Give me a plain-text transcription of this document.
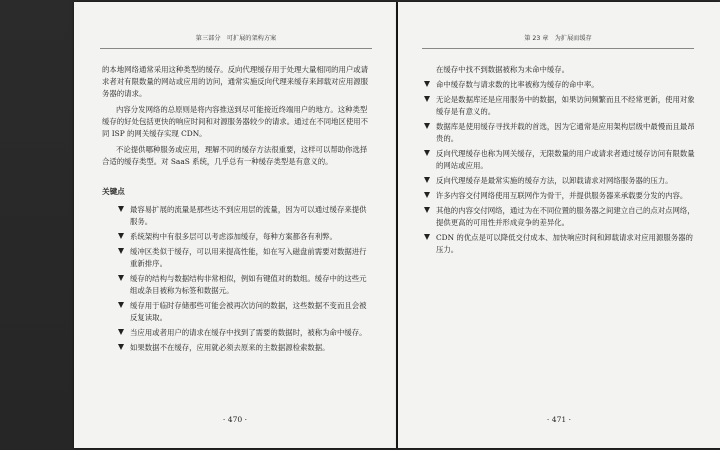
第三部分　可扩展的架构方案

的本地网络通常采用这种类型的缓存。反向代理缓存用于处理大量相同的用户或请求者对有限数量的网站或应用的访问，通常实施反向代理来缓存来卸载对应用源服务器的请求。

内容分发网络的总原则是将内容推送到尽可能接近终端用户的地方。这种类型缓存的好处包括更快的响应时间和对源服务器较少的请求。通过在不同地区使用不同 ISP 的网关缓存实现 CDN。

不论提供哪种服务或应用，理解不同的缓存方法很重要，这样可以帮助你选择合适的缓存类型。对 SaaS 系统，几乎总有一种缓存类型是有意义的。

关键点
最容易扩展的流量是那些达不到应用层的流量，因为可以通过缓存来提供服务。
系统架构中有很多层可以考虑添加缓存，每种方案都各有利弊。
缓冲区类似于缓存，可以用来提高性能，如在写入磁盘前需要对数据进行重新排序。
缓存的结构与数据结构非常相似，例如有键值对的数组。缓存中的这些元组或条目被称为标签和数据元。
缓存用于临时存储那些可能会被再次访问的数据，这些数据不变而且会被反复读取。
当应用或者用户的请求在缓存中找到了需要的数据时，被称为命中缓存。
如果数据不在缓存，应用就必须去原来的主数据源检索数据。
· 470 ·
第 23 章　为扩展而缓存

在缓存中找不到数据被称为未命中缓存。

命中缓存数与请求数的比率被称为缓存的命中率。
无论是数据库还是应用服务中的数据，如果访问频繁而且不经常更新，使用对象缓存是有意义的。
数据库是使用缓存寻找并载的首选，因为它通常是应用架构层级中最慢而且最昂贵的。
反向代理缓存也称为网关缓存，无限数量的用户或请求者通过缓存访问有限数量的网站或应用。
反向代理缓存是最常实施的缓存方法，以卸载请求对网络服务器的压力。
许多内容交付网络使用互联网作为骨干，并提供服务器来承载要分发的内容。
其他的内容交付网络，通过为在不同位置的服务器之间建立自己的点对点网络，提供更高的可用性并形成竞争的差异化。
CDN 的优点是可以降低交付成本、加快响应时间和卸载请求对应用源服务器的压力。
· 471 ·
